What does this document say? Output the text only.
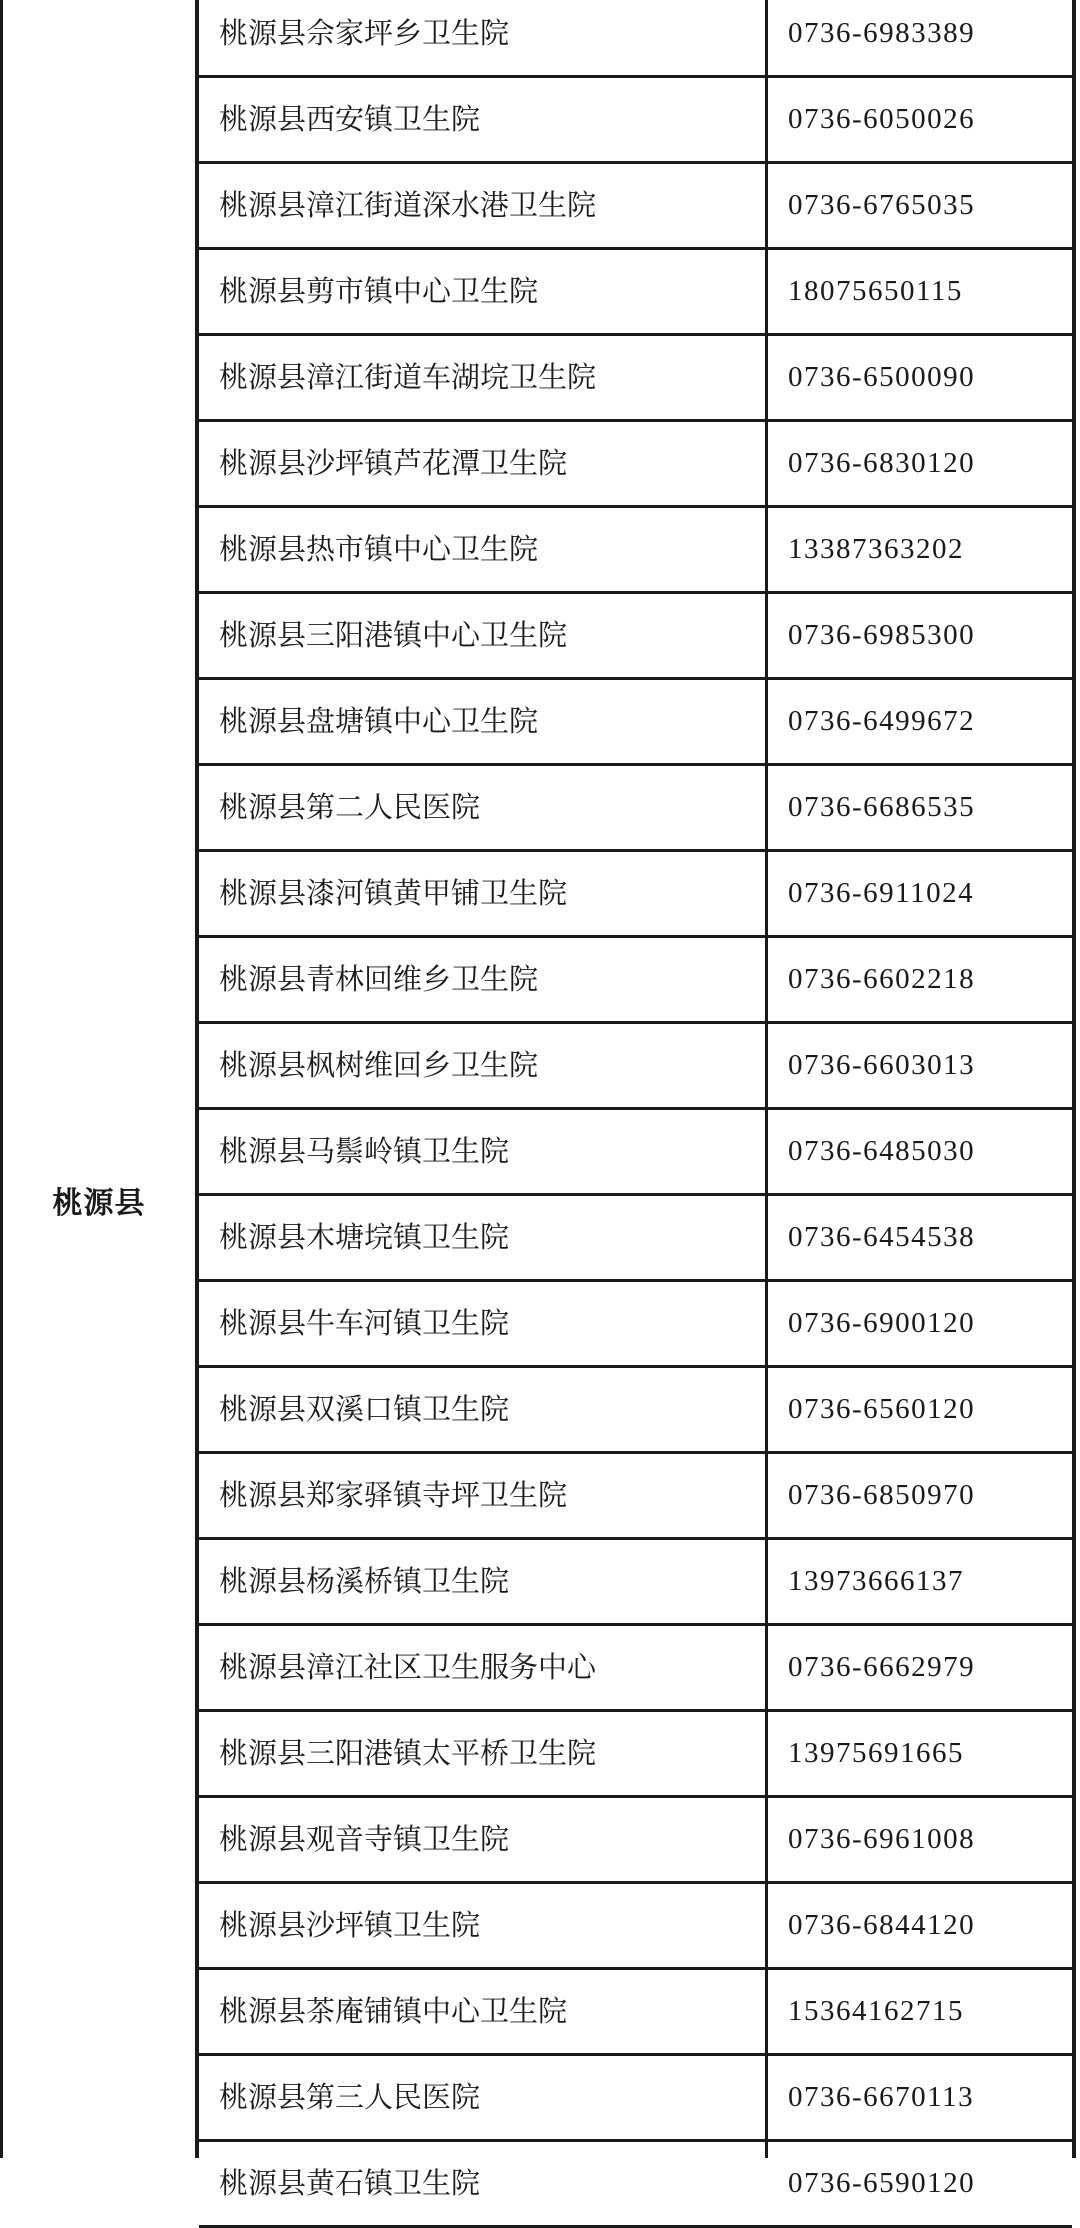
桃源县
桃源县佘家坪乡卫生院	0736-6983389
桃源县西安镇卫生院	0736-6050026
桃源县漳江街道深水港卫生院	0736-6765035
桃源县剪市镇中心卫生院	18075650115
桃源县漳江街道车湖垸卫生院	0736-6500090
桃源县沙坪镇芦花潭卫生院	0736-6830120
桃源县热市镇中心卫生院	13387363202
桃源县三阳港镇中心卫生院	0736-6985300
桃源县盘塘镇中心卫生院	0736-6499672
桃源县第二人民医院	0736-6686535
桃源县漆河镇黄甲铺卫生院	0736-6911024
桃源县青林回维乡卫生院	0736-6602218
桃源县枫树维回乡卫生院	0736-6603013
桃源县马鬃岭镇卫生院	0736-6485030
桃源县木塘垸镇卫生院	0736-6454538
桃源县牛车河镇卫生院	0736-6900120
桃源县双溪口镇卫生院	0736-6560120
桃源县郑家驿镇寺坪卫生院	0736-6850970
桃源县杨溪桥镇卫生院	13973666137
桃源县漳江社区卫生服务中心	0736-6662979
桃源县三阳港镇太平桥卫生院	13975691665
桃源县观音寺镇卫生院	0736-6961008
桃源县沙坪镇卫生院	0736-6844120
桃源县茶庵铺镇中心卫生院	15364162715
桃源县第三人民医院	0736-6670113
桃源县黄石镇卫生院	0736-6590120
